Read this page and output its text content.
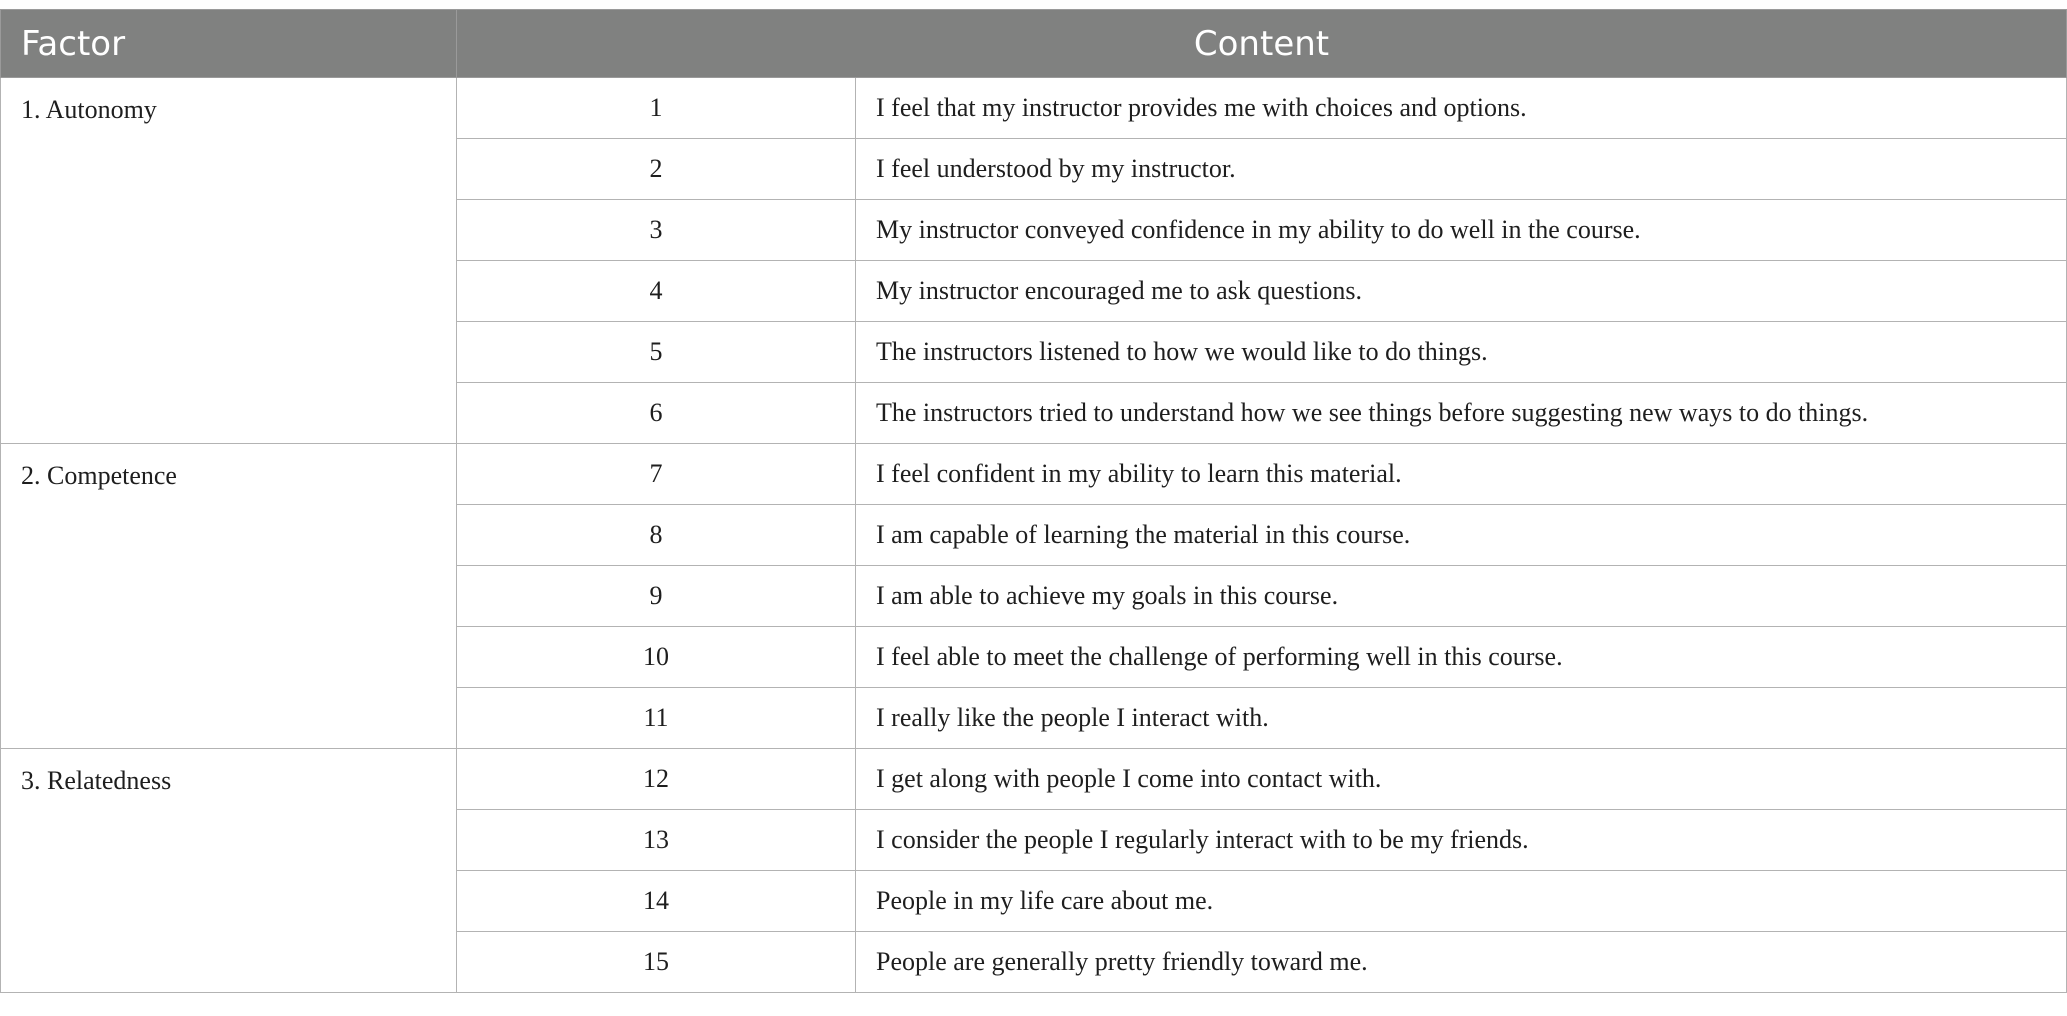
Factor	Content	
1. Autonomy	1	I feel that my instructor provides me with choices and options.
	2	I feel understood by my instructor.
	3	My instructor conveyed confidence in my ability to do well in the course.
	4	My instructor encouraged me to ask questions.
	5	The instructors listened to how we would like to do things.
	6	The instructors tried to understand how we see things before suggesting new ways to do things.
2. Competence	7	I feel confident in my ability to learn this material.
	8	I am capable of learning the material in this course.
	9	I am able to achieve my goals in this course.
	10	I feel able to meet the challenge of performing well in this course.
	11	I really like the people I interact with.
3. Relatedness	12	I get along with people I come into contact with.
	13	I consider the people I regularly interact with to be my friends.
	14	People in my life care about me.
	15	People are generally pretty friendly toward me.
